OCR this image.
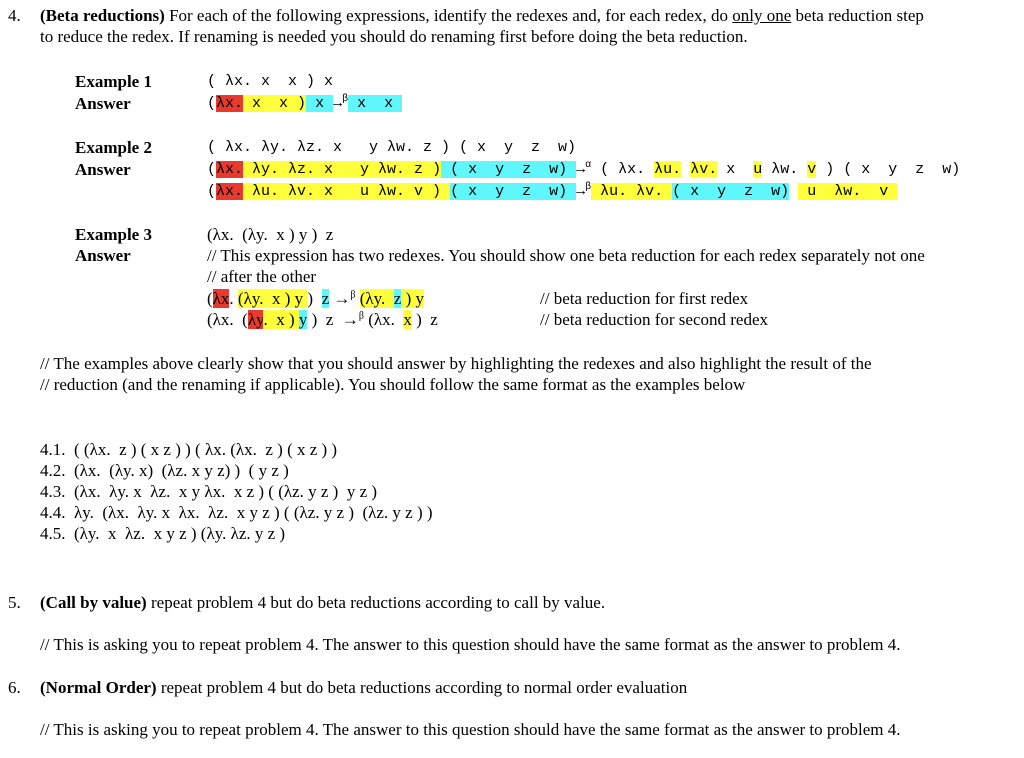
4. (Beta reductions) For each of the following expressions, identify the redexes and, for each redex, do only one beta reduction step
to reduce the redex. If renaming is needed you should do renaming first before doing the beta reduction.
Example 1
Answer
( λx. x  x ) x
(λx. x  x ) x →$^\beta$ x  x
Example 2
Answer
( λx. λy. λz. x   y λw. z ) ( x  y  z  w)
(λx. λy. λz. x   y λw. z ) ( x  y  z  w) →$^\alpha$ ( λx. λu. λv. x  u λw. v ) ( x  y  z  w)
(λx. λu. λv. x   u λw. v ) ( x  y  z  w) →$^\beta$ λu. λv. ( x  y  z  w)  u  λw.  v
Example 3
Answer
(λx.  (λy.  x ) y )  z
// This expression has two redexes. You should show one beta reduction for each redex separately not one
// after the other
(λx. (λy.  x ) y )  z →$^\beta$ (λy.  z ) y	// beta reduction for first redex
(λx.  (λy.  x ) y )  z  →$^\beta$ (λx.  x )  z	// beta reduction for second redex
// The examples above clearly show that you should answer by highlighting the redexes and also highlight the result of the
// reduction (and the renaming if applicable). You should follow the same format as the examples below
4.1. ( (λx.  z ) ( x z ) ) ( λx. (λx.  z ) ( x z ) )
4.2. (λx.  (λy. x)  (λz. x y z) )  ( y z )
4.3. (λx.  λy. x  λz.  x y λx.  x z ) ( (λz. y z )  y z )
4.4. λy.  (λx.  λy. x  λx.  λz.  x y z ) ( (λz. y z )  (λz. y z ) )
4.5. (λy.  x  λz.  x y z ) (λy. λz. y z )
5. (Call by value) repeat problem 4 but do beta reductions according to call by value.
// This is asking you to repeat problem 4. The answer to this question should have the same format as the answer to problem 4.
6. (Normal Order) repeat problem 4 but do beta reductions according to normal order evaluation
// This is asking you to repeat problem 4. The answer to this question should have the same format as the answer to problem 4.
